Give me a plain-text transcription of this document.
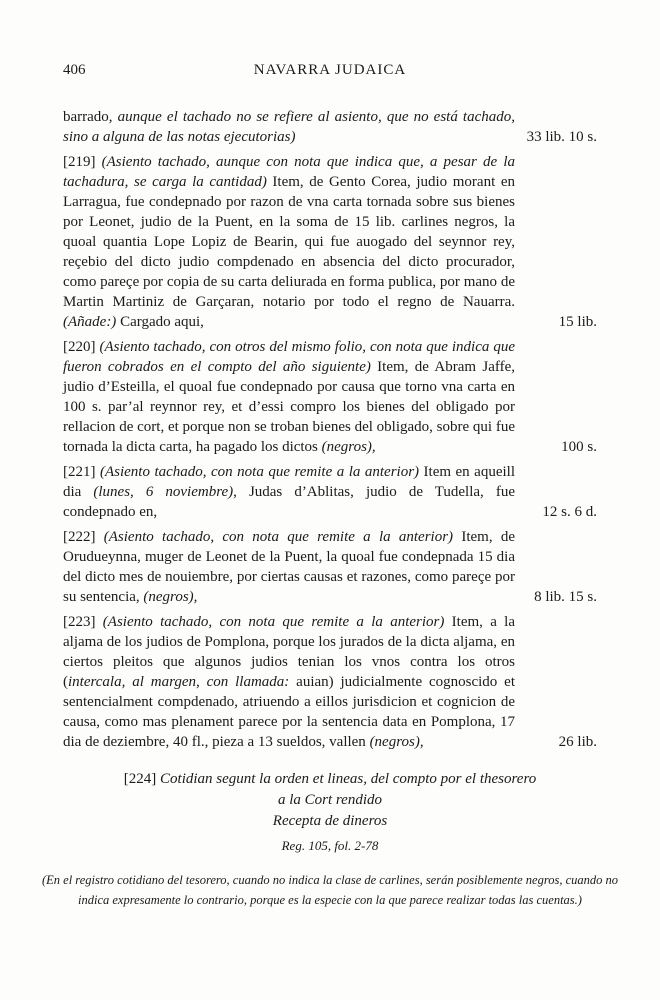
406	NAVARRA JUDAICA

barrado, aunque el tachado no se refiere al asiento, que no está tachado, sino a alguna de las notas ejecutorias)	33 lib. 10 s.

[219] (Asiento tachado, aunque con nota que indica que, a pesar de la tachadura, se carga la cantidad) Item, de Gento Corea, judio morant en Larragua, fue condepnado por razon de vna carta tornada sobre sus bienes por Leonet, judio de la Puent, en la soma de 15 lib. carlines negros, la quoal quantia Lope Lopiz de Bearin, qui fue auogado del seynnor rey, reçebio del dicto judio compdenado en absencia del dicto procurador, como pareçe por copia de su carta deliurada en forma publica, por mano de Martin Martiniz de Garçaran, notario por todo el regno de Nauarra. (Añade:) Cargado aqui,	15 lib.

[220] (Asiento tachado, con otros del mismo folio, con nota que indica que fueron cobrados en el compto del año siguiente) Item, de Abram Jaffe, judio d’Esteilla, el quoal fue condepnado por causa que torno vna carta en 100 s. par’al reynnor rey, et d’essi compro los bienes del obligado por rellacion de cort, et porque non se troban bienes del obligado, sobre qui fue tornada la dicta carta, ha pagado los dictos (negros),	100 s.

[221] (Asiento tachado, con nota que remite a la anterior) Item en aqueill dia (lunes, 6 noviembre), Judas d’Ablitas, judio de Tudella, fue condepnado en,	12 s. 6 d.

[222] (Asiento tachado, con nota que remite a la anterior) Item, de Orudueynna, muger de Leonet de la Puent, la quoal fue condepnada 15 dia del dicto mes de nouiembre, por ciertas causas et razones, como pareçe por su sentencia, (negros),	8 lib. 15 s.

[223] (Asiento tachado, con nota que remite a la anterior) Item, a la aljama de los judios de Pomplona, porque los jurados de la dicta aljama, en ciertos pleitos que algunos judios tenian los vnos contra los otros (intercala, al margen, con llamada: auian) judicialmente cognoscido et sentencialment compdenado, atriuendo a eillos jurisdicion et cognicion de causa, como mas plenament parece por la sentencia data en Pomplona, 17 dia de deziembre, 40 fl., pieza a 13 sueldos, vallen (negros),	26 lib.

[224] Cotidian segunt la orden et lineas, del compto por el thesorero

a la Cort rendido

Recepta de dineros

Reg. 105, fol. 2-78

(En el registro cotidiano del tesorero, cuando no indica la clase de carlines, serán posiblemente negros, cuando no indica expresamente lo contrario, porque es la especie con la que parece realizar todas las cuentas.)
